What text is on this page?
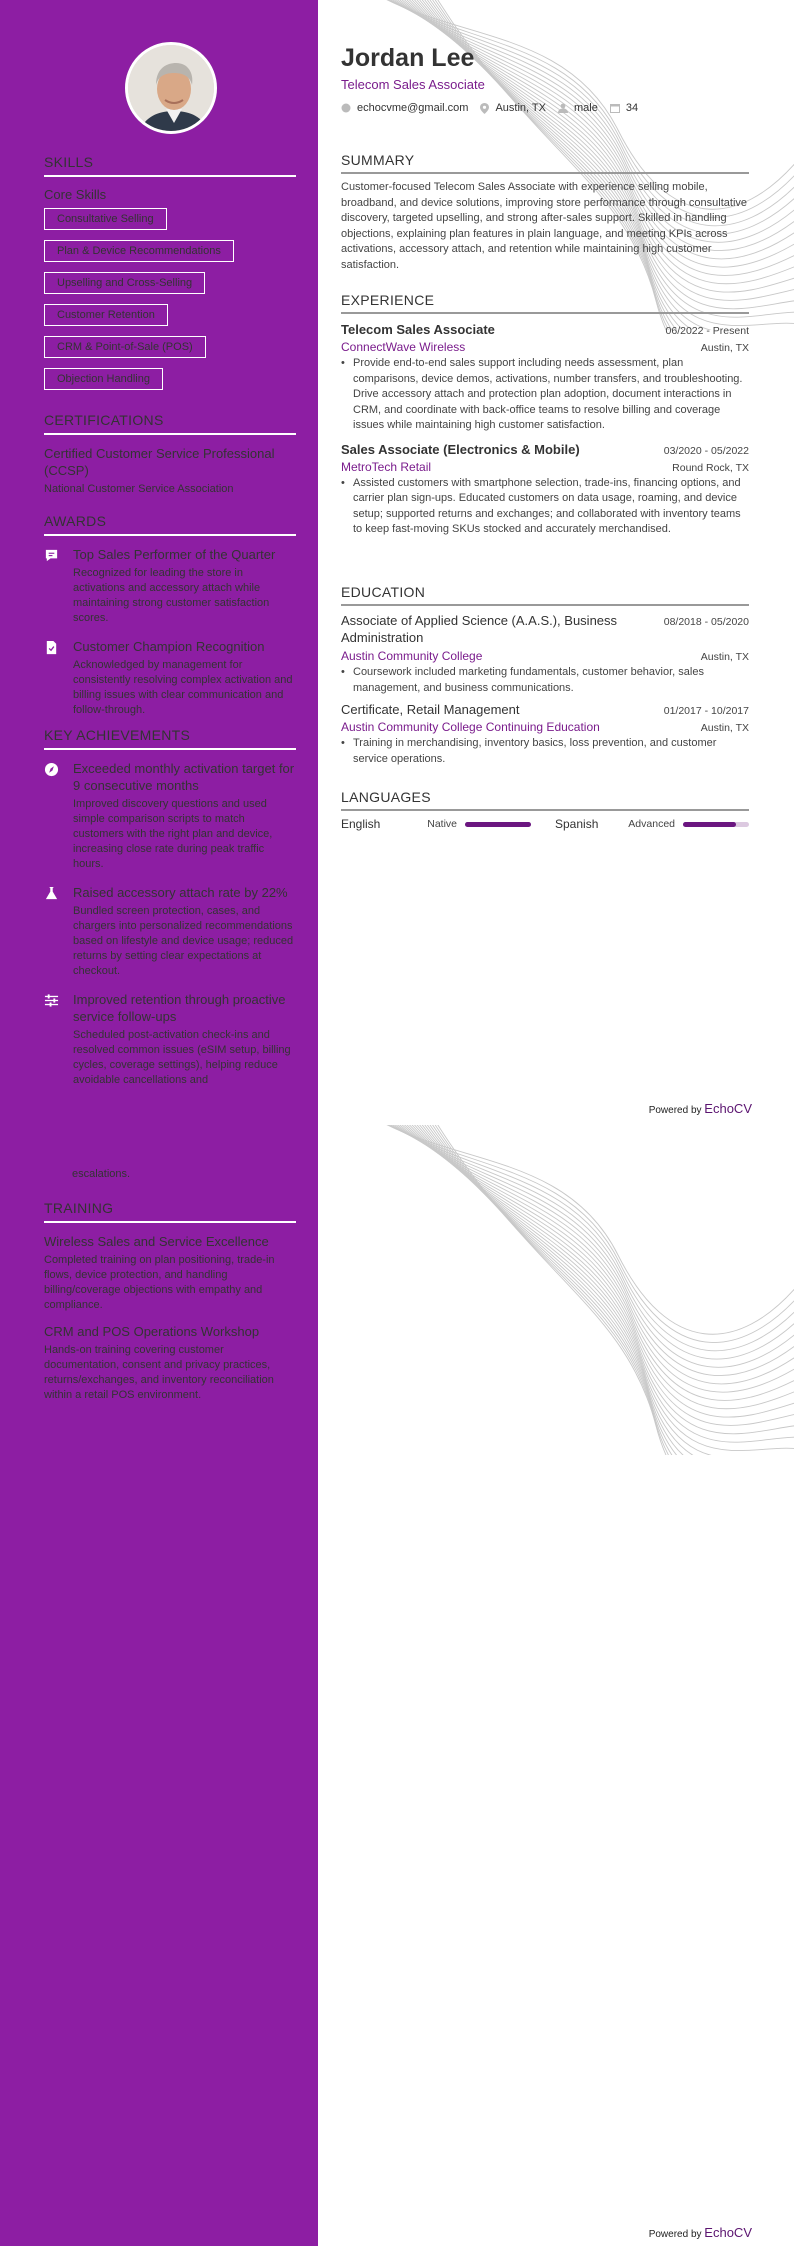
SKILLS
Core Skills
Consultative Selling
Plan & Device Recommendations
Upselling and Cross-Selling
Customer Retention
CRM & Point-of-Sale (POS)
Objection Handling
CERTIFICATIONS
Certified Customer Service Professional (CCSP)
National Customer Service Association
AWARDS
Top Sales Performer of the Quarter
Recognized for leading the store in activations and accessory attach while maintaining strong customer satisfaction scores.
Customer Champion Recognition
Acknowledged by management for consistently resolving complex activation and billing issues with clear communication and follow-through.
KEY ACHIEVEMENTS
Exceeded monthly activation target for 9 consecutive months
Improved discovery questions and used simple comparison scripts to match customers with the right plan and device, increasing close rate during peak traffic hours.
Raised accessory attach rate by 22%
Bundled screen protection, cases, and chargers into personalized recommendations based on lifestyle and device usage; reduced returns by setting clear expectations at checkout.
Improved retention through proactive service follow-ups
Scheduled post-activation check-ins and resolved common issues (eSIM setup, billing cycles, coverage settings), helping reduce avoidable cancellations and
escalations.
TRAINING
Wireless Sales and Service Excellence
Completed training on plan positioning, trade-in flows, device protection, and handling billing/coverage objections with empathy and compliance.
CRM and POS Operations Workshop
Hands-on training covering customer documentation, consent and privacy practices, returns/exchanges, and inventory reconciliation within a retail POS environment.
Jordan Lee
Telecom Sales Associate
echocvme@gmail.com Austin, TX	male	34
SUMMARY
Customer-focused Telecom Sales Associate with experience selling mobile, broadband, and device solutions, improving store performance through consultative discovery, targeted upselling, and strong after-sales support. Skilled in handling objections, explaining plan features in plain language, and meeting KPIs across activations, accessory attach, and retention while maintaining high customer satisfaction.
EXPERIENCE
Telecom Sales Associate	06/2022 - Present
ConnectWave Wireless	Austin, TX
• Provide end-to-end sales support including needs assessment, plan comparisons, device demos, activations, number transfers, and troubleshooting. Drive accessory attach and protection plan adoption, document interactions in CRM, and coordinate with back-office teams to resolve billing and coverage issues while maintaining high customer satisfaction.
Sales Associate (Electronics & Mobile)	03/2020 - 05/2022
MetroTech Retail	Round Rock, TX
• Assisted customers with smartphone selection, trade-ins, financing options, and carrier plan sign-ups. Educated customers on data usage, roaming, and device setup; supported returns and exchanges; and collaborated with inventory teams to keep fast-moving SKUs stocked and accurately merchandised.
EDUCATION
Associate of Applied Science (A.A.S.), Business Administration
08/2018 - 05/2020
Austin Community College	Austin, TX
• Coursework included marketing fundamentals, customer behavior, sales management, and business communications.
Certificate, Retail Management	01/2017 - 10/2017
Austin Community College Continuing Education	Austin, TX
• Training in merchandising, inventory basics, loss prevention, and customer service operations.
LANGUAGES
English	Native	Spanish	Advanced
Powered by EchoCV
Powered by EchoCV
